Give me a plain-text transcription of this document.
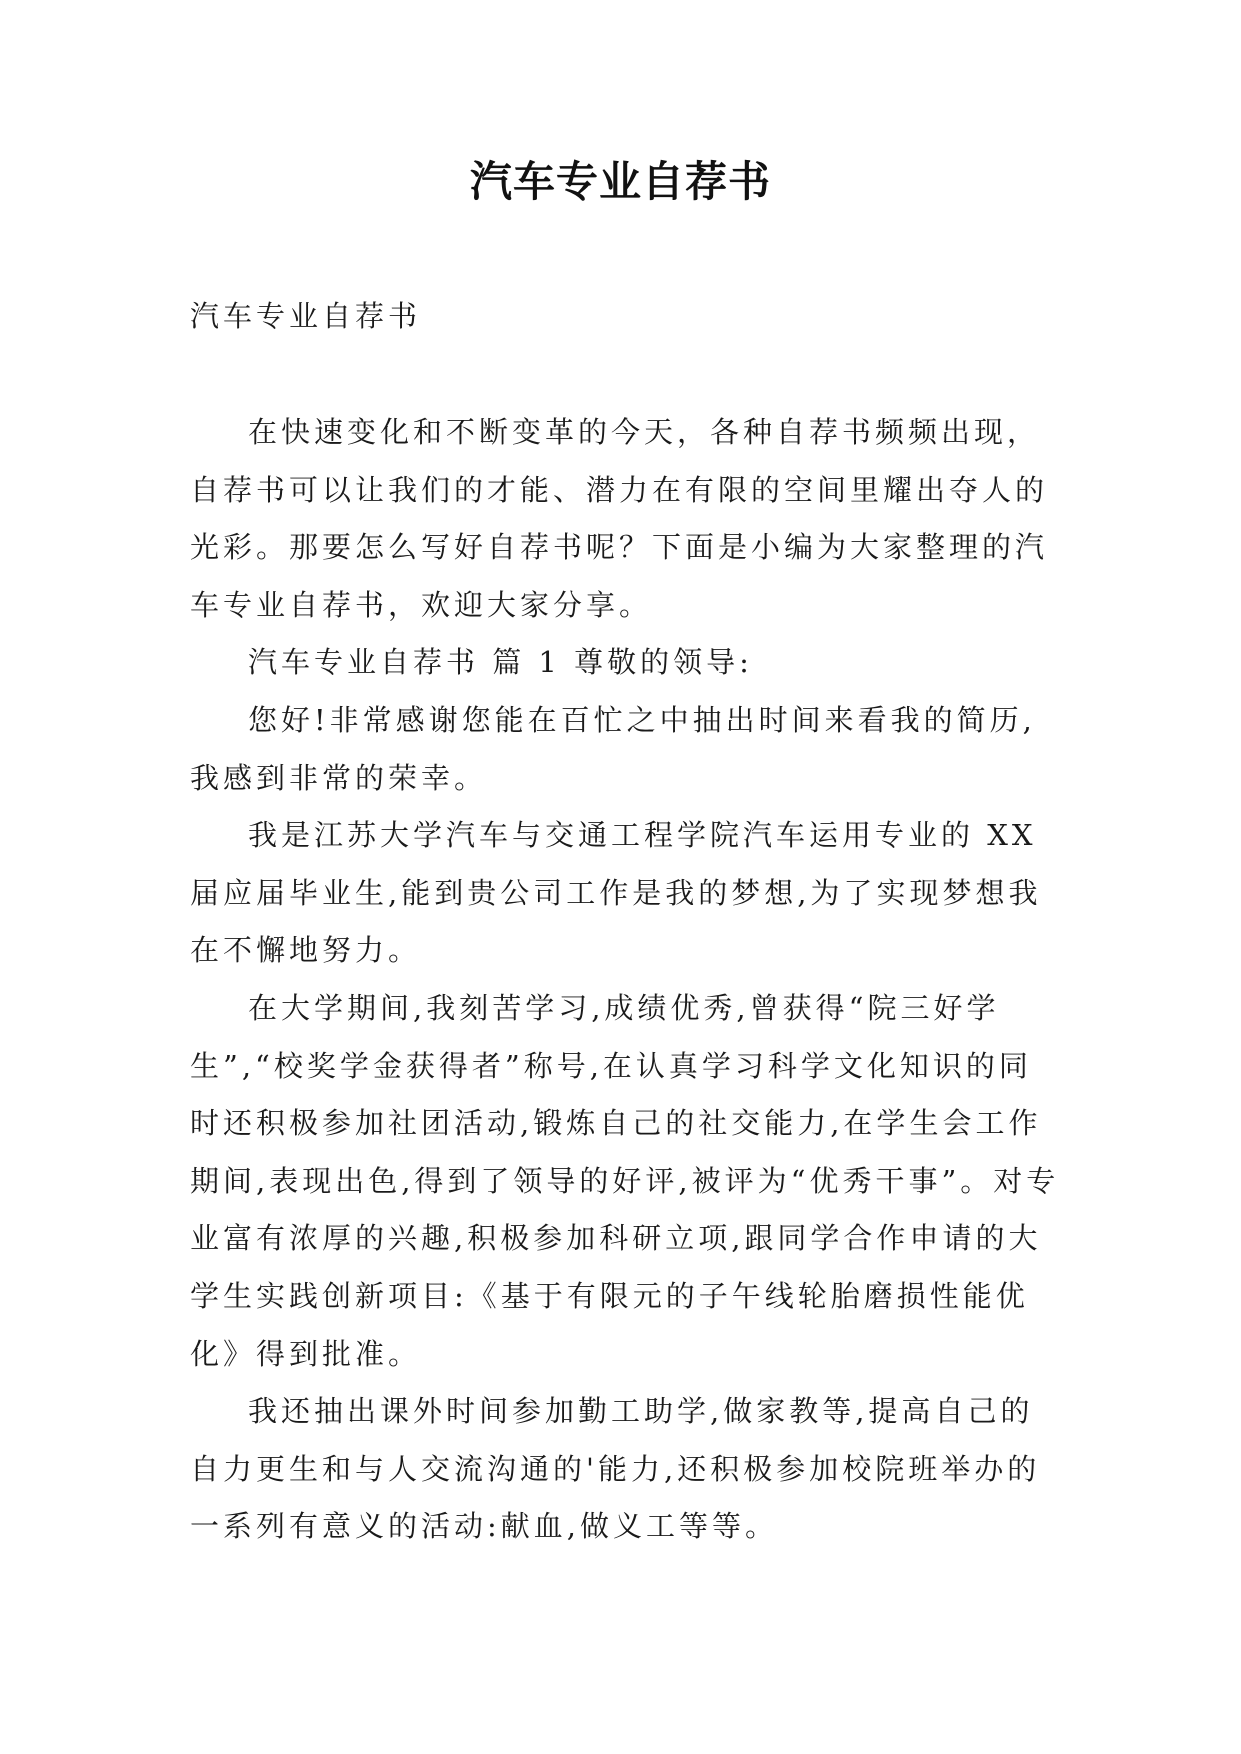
汽车专业自荐书
汽车专业自荐书

在快速变化和不断变革的今天，各种自荐书频频出现，自荐书可以让我们的才能、潜力在有限的空间里耀出夺人的光彩。那要怎么写好自荐书呢？下面是小编为大家整理的汽车专业自荐书，欢迎大家分享。

汽车专业自荐书 篇 1 尊敬的领导:

您好!非常感谢您能在百忙之中抽出时间来看我的简历,我感到非常的荣幸。

我是江苏大学汽车与交通工程学院汽车运用专业的 XX 届应届毕业生,能到贵公司工作是我的梦想,为了实现梦想我在不懈地努力。

在大学期间,我刻苦学习,成绩优秀,曾获得“院三好学生”,“校奖学金获得者”称号,在认真学习科学文化知识的同时还积极参加社团活动,锻炼自己的社交能力,在学生会工作期间,表现出色,得到了领导的好评,被评为“优秀干事”。对专业富有浓厚的兴趣,积极参加科研立项,跟同学合作申请的大学生实践创新项目:《基于有限元的子午线轮胎磨损性能优化》得到批准。

我还抽出课外时间参加勤工助学,做家教等,提高自己的自力更生和与人交流沟通的'能力,还积极参加校院班举办的一系列有意义的活动:献血,做义工等等。
